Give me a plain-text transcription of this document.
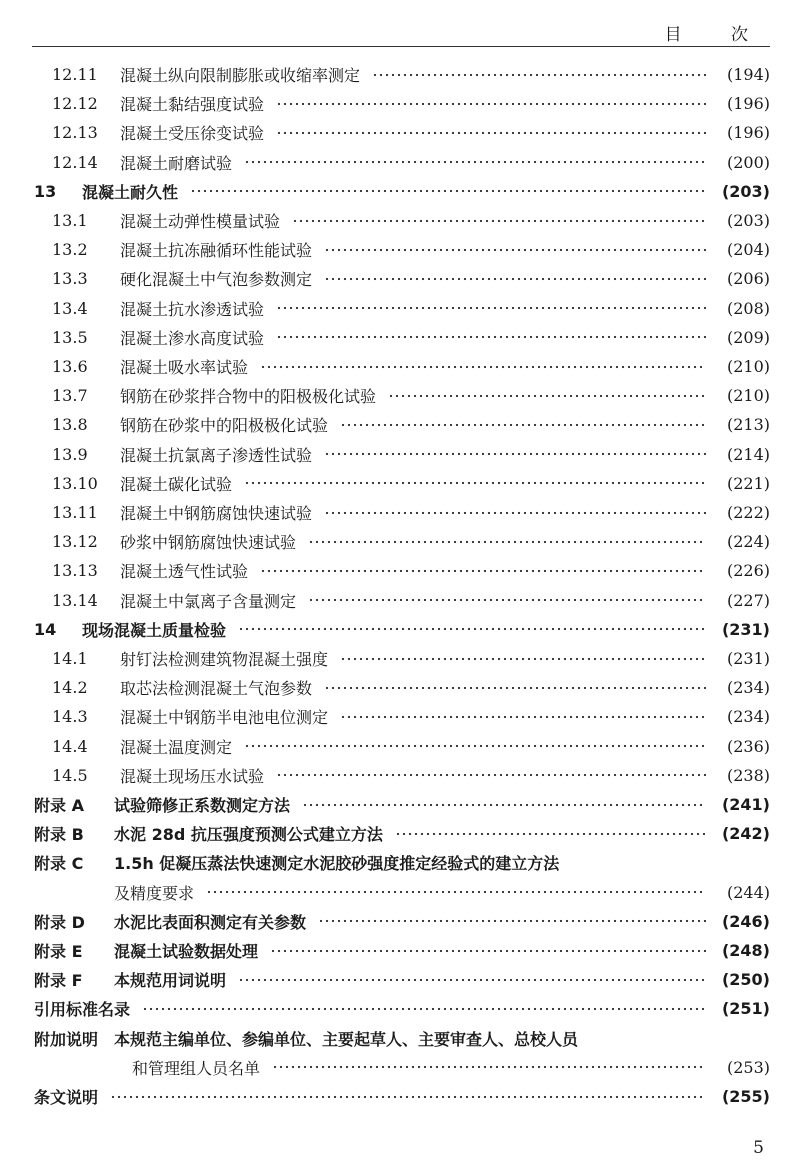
目 次
12.11	混凝土纵向限制膨胀或收缩率测定	(194)
12.12	混凝土黏结强度试验	(196)
12.13	混凝土受压徐变试验	(196)
12.14	混凝土耐磨试验	(200)
13	混凝土耐久性	(203)
13.1	混凝土动弹性模量试验	(203)
13.2	混凝土抗冻融循环性能试验	(204)
13.3	硬化混凝土中气泡参数测定	(206)
13.4	混凝土抗水渗透试验	(208)
13.5	混凝土渗水高度试验	(209)
13.6	混凝土吸水率试验	(210)
13.7	钢筋在砂浆拌合物中的阳极极化试验	(210)
13.8	钢筋在砂浆中的阳极极化试验	(213)
13.9	混凝土抗氯离子渗透性试验	(214)
13.10	混凝土碳化试验	(221)
13.11	混凝土中钢筋腐蚀快速试验	(222)
13.12	砂浆中钢筋腐蚀快速试验	(224)
13.13	混凝土透气性试验	(226)
13.14	混凝土中氯离子含量测定	(227)
14	现场混凝土质量检验	(231)
14.1	射钉法检测建筑物混凝土强度	(231)
14.2	取芯法检测混凝土气泡参数	(234)
14.3	混凝土中钢筋半电池电位测定	(234)
14.4	混凝土温度测定	(236)
14.5	混凝土现场压水试验	(238)
附录 A	试验筛修正系数测定方法	(241)
附录 B	水泥 28d 抗压强度预测公式建立方法	(242)
附录 C	1.5h 促凝压蒸法快速测定水泥胶砂强度推定经验式的建立方法
及精度要求	(244)
附录 D	水泥比表面积测定有关参数	(246)
附录 E	混凝土试验数据处理	(248)
附录 F	本规范用词说明	(250)
引用标准名录	(251)
附加说明 本规范主编单位、参编单位、主要起草人、主要审查人、总校人员
和管理组人员名单	(253)
条文说明	(255)
5
